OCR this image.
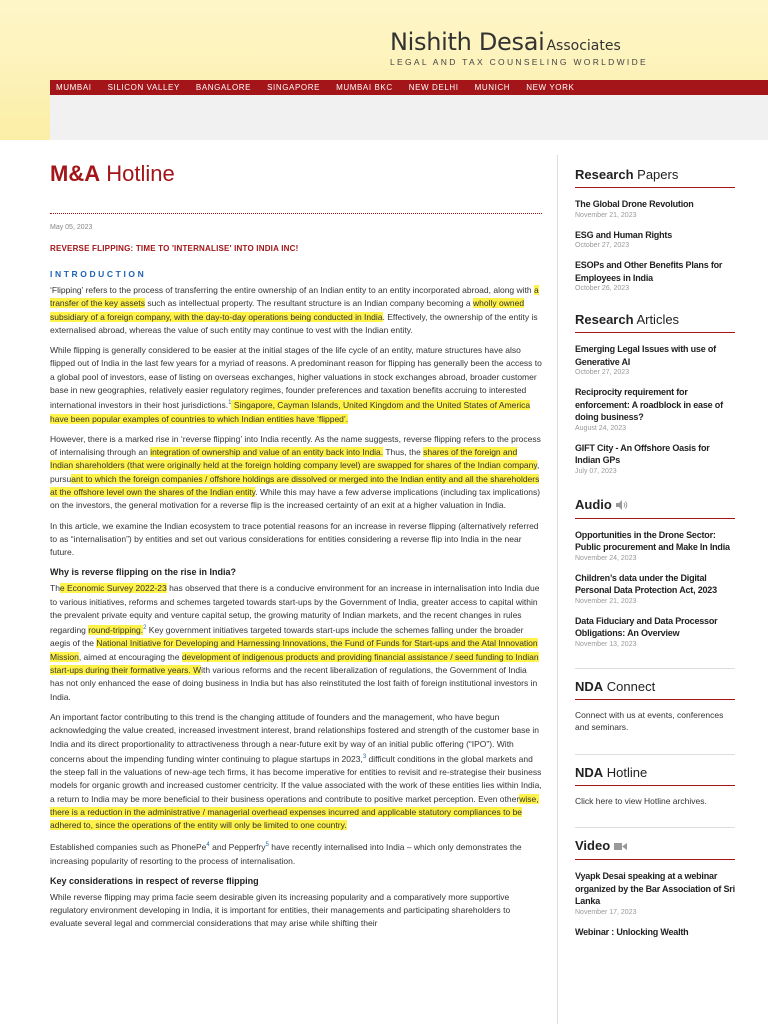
Nishith Desai Associates
LEGAL AND TAX COUNSELING WORLDWIDE
MUMBAI SILICON VALLEY BANGALORE SINGAPORE MUMBAI BKC NEW DELHI MUNICH NEW YORK
M&A Hotline
May 05, 2023
REVERSE FLIPPING: TIME TO 'INTERNALISE' INTO INDIA INC!
INTRODUCTION

‘Flipping’ refers to the process of transferring the entire ownership of an Indian entity to an entity incorporated abroad, along with a transfer of the key assets such as intellectual property. The resultant structure is an Indian company becoming a wholly owned subsidiary of a foreign company, with the day-to-day operations being conducted in India. Effectively, the ownership of the entity is externalised abroad, whereas the value of such entity may continue to vest with the Indian entity.

While flipping is generally considered to be easier at the initial stages of the life cycle of an entity, mature structures have also flipped out of India in the last few years for a myriad of reasons. A predominant reason for flipping has generally been the access to a global pool of investors, ease of listing on overseas exchanges, higher valuations in stock exchanges abroad, broader customer base in new geographies, relatively easier regulatory regimes, founder preferences and taxation benefits accruing to interested international investors in their host jurisdictions.$^1$ Singapore, Cayman Islands, United Kingdom and the United States of America have been popular examples of countries to which Indian entities have ‘flipped’.

However, there is a marked rise in ‘reverse flipping’ into India recently. As the name suggests, reverse flipping refers to the process of internalising through an integration of ownership and value of an entity back into India. Thus, the shares of the foreign and Indian shareholders (that were originally held at the foreign holding company level) are swapped for shares of the Indian company, pursuant to which the foreign companies / offshore holdings are dissolved or merged into the Indian entity and all the shareholders at the offshore level own the shares of the Indian entity. While this may have a few adverse implications (including tax implications) on the investors, the general motivation for a reverse flip is the increased certainty of an exit at a higher valuation in India.

In this article, we examine the Indian ecosystem to trace potential reasons for an increase in reverse flipping (alternatively referred to as “internalisation”) by entities and set out various considerations for entities considering a reverse flip into India in the near future.

Why is reverse flipping on the rise in India?

The Economic Survey 2022-23 has observed that there is a conducive environment for an increase in internalisation into India due to various initiatives, reforms and schemes targeted towards start-ups by the Government of India, greater access to capital within the prevalent private equity and venture capital setup, the growing maturity of Indian markets, and the recent changes in rules regarding round-tripping.$^2$ Key government initiatives targeted towards start-ups include the schemes falling under the broader aegis of the National Initiative for Developing and Harnessing Innovations, the Fund of Funds for Start-ups and the Atal Innovation Mission, aimed at encouraging the development of indigenous products and providing financial assistance / seed funding to Indian start-ups during their formative years. With various reforms and the recent liberalization of regulations, the Government of India has not only enhanced the ease of doing business in India but has also reinstituted the lost faith of foreign institutional investors in India.

An important factor contributing to this trend is the changing attitude of founders and the management, who have begun acknowledging the value created, increased investment interest, brand relationships fostered and strength of the customer base in India and its direct proportionality to attractiveness through a near-future exit by way of an initial public offering (“IPO”). With concerns about the impending funding winter continuing to plague startups in 2023,$^3$ difficult conditions in the global markets and the steep fall in the valuations of new-age tech firms, it has become imperative for entities to revisit and re-strategise their business models for organic growth and increased customer centricity. If the value associated with the work of these entities lies within India, a return to India may be more beneficial to their business operations and contribute to positive market perception. Even otherwise, there is a reduction in the administrative / managerial overhead expenses incurred and applicable statutory compliances to be adhered to, since the operations of the entity will only be limited to one country.

Established companies such as PhonePe$^4$ and Pepperfry$^5$ have recently internalised into India – which only demonstrates the increasing popularity of resorting to the process of internalisation.

Key considerations in respect of reverse flipping

While reverse flipping may prima facie seem desirable given its increasing popularity and a comparatively more supportive regulatory environment developing in India, it is important for entities, their managements and participating shareholders to evaluate several legal and commercial considerations that may arise while shifting their

Research Papers
The Global Drone Revolution
November 21, 2023
ESG and Human Rights
October 27, 2023
ESOPs and Other Benefits Plans for Employees in India
October 26, 2023
Research Articles
Emerging Legal Issues with use of Generative AI
October 27, 2023
Reciprocity requirement for enforcement: A roadblock in ease of doing business?
August 24, 2023
GIFT City - An Offshore Oasis for Indian GPs
July 07, 2023
Audio
Opportunities in the Drone Sector: Public procurement and Make In India
November 24, 2023
Children’s data under the Digital Personal Data Protection Act, 2023
November 21, 2023
Data Fiduciary and Data Processor Obligations: An Overview
November 13, 2023
NDA Connect
Connect with us at events, conferences and seminars.
NDA Hotline
Click here to view Hotline archives.
Video
Vyapk Desai speaking at a webinar organized by the Bar Association of Sri Lanka
November 17, 2023
Webinar : Unlocking Wealth
